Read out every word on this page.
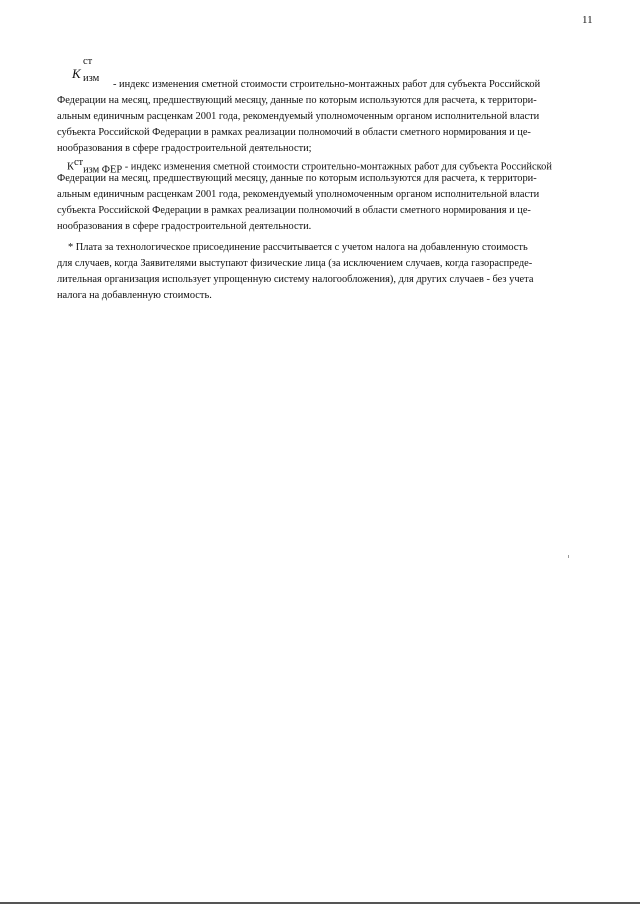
11
K
ст
изм
- индекс изменения сметной стоимости строительно-монтажных работ для субъекта Российской
Федерации на месяц, предшествующий месяцу, данные по которым используются для расчета, к территори-
альным единичным расценкам 2001 года, рекомендуемый уполномоченным органом исполнительной власти
субъекта Российской Федерации в рамках реализации полномочий в области сметного нормирования и це-
нообразования в сфере градостроительной деятельности;
$К^{ст}_{изм ФЕР}$ - индекс изменения сметной стоимости строительно-монтажных работ для субъекта Российской
Федерации на месяц, предшествующий месяцу, данные по которым используются для расчета, к территори-
альным единичным расценкам 2001 года, рекомендуемый уполномоченным органом исполнительной власти
субъекта Российской Федерации в рамках реализации полномочий в области сметного нормирования и це-
нообразования в сфере градостроительной деятельности.
* Плата за технологическое присоединение рассчитывается с учетом налога на добавленную стоимость
для случаев, когда Заявителями выступают физические лица (за исключением случаев, когда газораспреде-
лительная организация использует упрощенную систему налогообложения), для других случаев - без учета
налога на добавленную стоимость.
